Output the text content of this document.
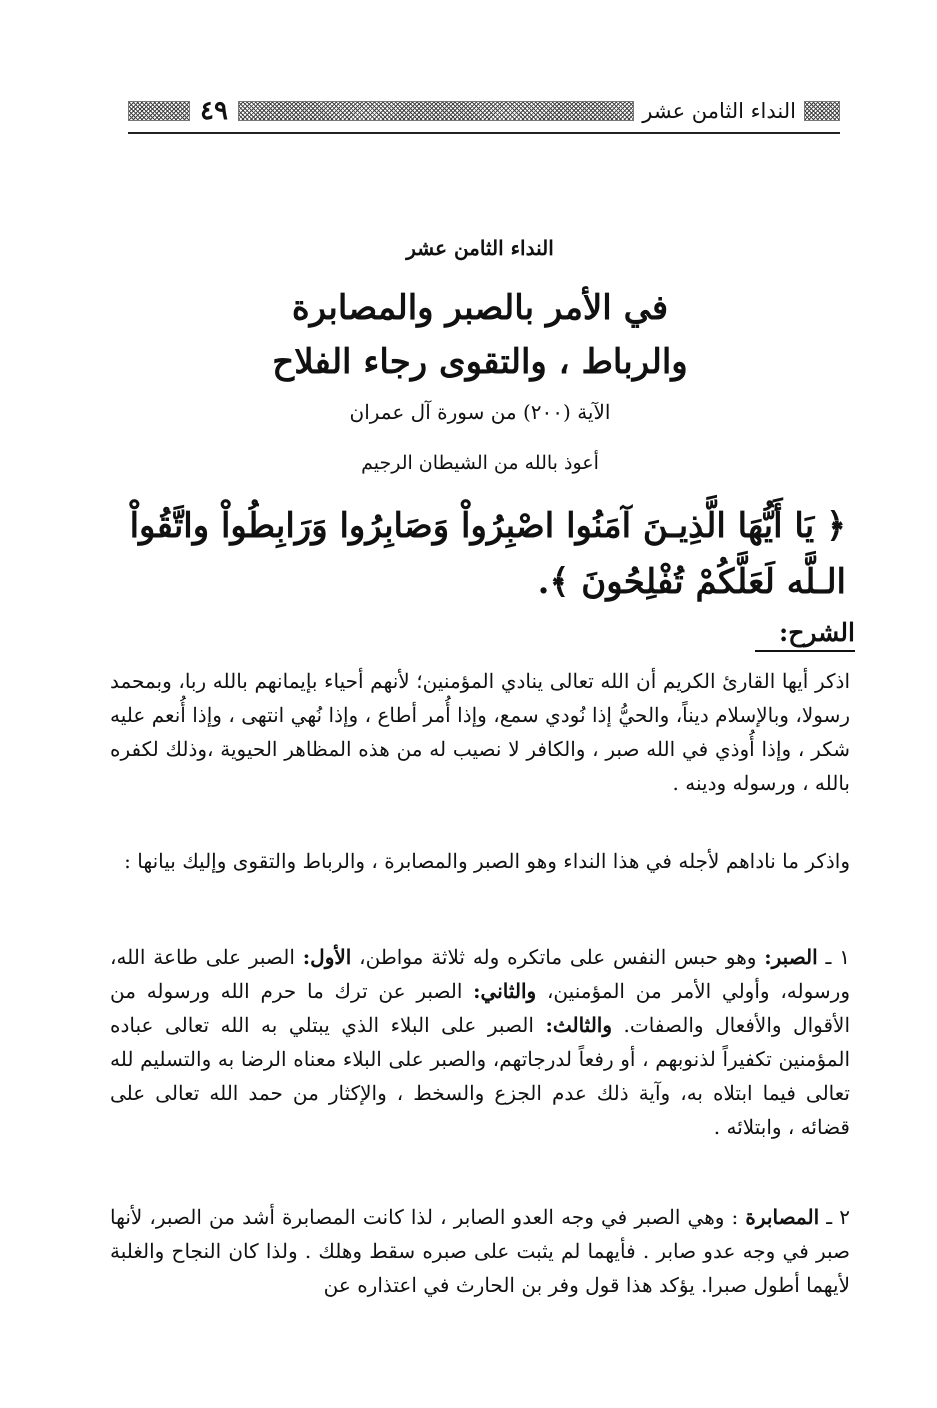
النداء الثامن عشر
٤٩
النداء الثامن عشر
في الأمر بالصبر والمصابرة
والرباط ، والتقوى رجاء الفلاح
الآية (٢٠٠) من سورة آل عمران
أعوذ بالله من الشيطان الرجيم
﴿ يَا أَيُّهَا الَّذِيـنَ آمَنُوا اصْبِرُواْ وَصَابِرُوا وَرَابِطُواْ واتَّقُواْ الـلَّه لَعَلَّكُمْ تُفْلِحُونَ ﴾.
الشرح:

اذكر أيها القارئ الكريم أن الله تعالى ينادي المؤمنين؛ لأنهم أحياء بإيمانهم بالله ربا، وبمحمد رسولا، وبالإسلام ديناً، والحيُّ إذا نُودي سمع، وإذا أُمر أطاع ، وإذا نُهي انتهى ، وإذا أُنعم عليه شكر ، وإذا أُوذي في الله صبر ، والكافر لا نصيب له من هذه المظاهر الحيوية ،وذلك لكفره بالله ، ورسوله ودينه .

واذكر ما ناداهم لأجله في هذا النداء وهو الصبر والمصابرة ، والرباط والتقوى وإليك بيانها :

١ ـ الصبر: وهو حبس النفس على ماتكره وله ثلاثة مواطن، الأول: الصبر على طاعة الله، ورسوله، وأولي الأمر من المؤمنين، والثاني: الصبر عن ترك ما حرم الله ورسوله من الأقوال والأفعال والصفات. والثالث: الصبر على البلاء الذي يبتلي به الله تعالى عباده المؤمنين تكفيراً لذنوبهم ، أو رفعاً لدرجاتهم، والصبر على البلاء معناه الرضا به والتسليم لله تعالى فيما ابتلاه به، وآية ذلك عدم الجزع والسخط ، والإكثار من حمد الله تعالى على قضائه ، وابتلائه .

٢ ـ المصابرة : وهي الصبر في وجه العدو الصابر ، لذا كانت المصابرة أشد من الصبر، لأنها صبر في وجه عدو صابر . فأيهما لم يثبت على صبره سقط وهلك . ولذا كان النجاح والغلبة لأيهما أطول صبرا. يؤكد هذا قول وفر بن الحارث في اعتذاره عن
